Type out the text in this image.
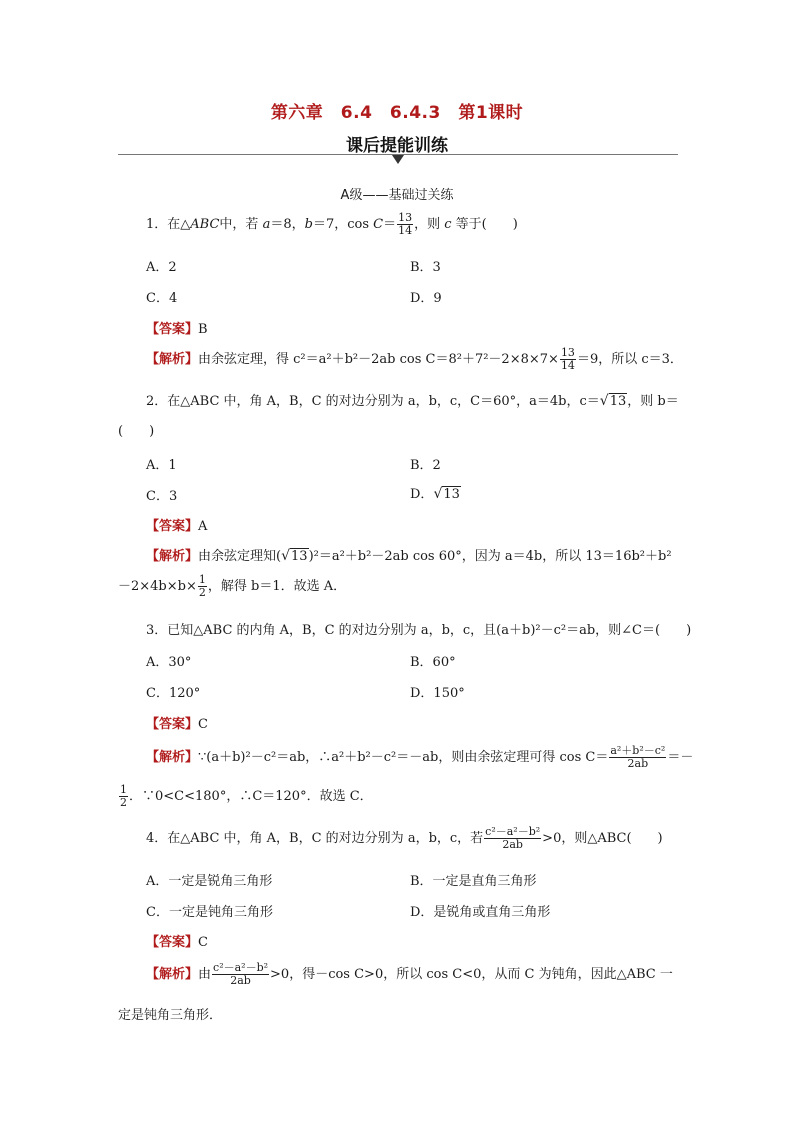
第六章　6.4　6.4.3　第1课时
课后提能训练
A级——基础过关练
1．在△ABC中，若 a＝8，b＝7，$\cos C= \frac{13}{14}$ ，则 c 等于(　　)
A．2	B．3
C．4	D．9
【答案】B
【解析】由余弦定理，得 c²＝a²＋b²－2ab $\cos C=8^2+7^2-2\times 8\times 7\times \frac{13}{14} =9$，所以 c＝3．
2．在△ABC 中，角 A，B，C 的对边分别为 a，b，c，C＝60°，a＝4b，c＝√13，则 b＝
(　　)
A．1	B．2
C．3	D．√13
【答案】A
【解析】由余弦定理知(√13)²＝a²＋b²－2ab cos 60°，因为 a＝4b，所以 13＝16b²＋b²
$-2\times 4b\times b\times \frac{1}{2}$ ，解得 b＝1．故选 A．
3．已知△ABC 的内角 A，B，C 的对边分别为 a，b，c，且(a＋b)²－c²＝ab，则∠C＝(　　)
A．30°	B．60°
C．120°	D．150°
【答案】C
【解析】∵(a＋b)²－c²＝ab，∴a²＋b²－c²＝－ab，则由余弦定理可得 $\cos C= \frac{\text{a²＋b²－c²}}{2ab}$ ＝－
$\frac{1}{2}$ ．∵0<C<180°，∴C＝120°．故选 C．
4．在△ABC 中，角 A，B，C 的对边分别为 a，b，c，若 $\frac{\text{c²－a²－b²}}{2ab} >0$，则△ABC(　　)
A．一定是锐角三角形	B．一定是直角三角形
C．一定是钝角三角形	D．是锐角或直角三角形
【答案】C
【解析】由 $\frac{\text{c²－a²－b²}}{2ab} >0$，得－cos C>0，所以 cos C<0，从而 C 为钝角，因此△ABC 一
定是钝角三角形．
